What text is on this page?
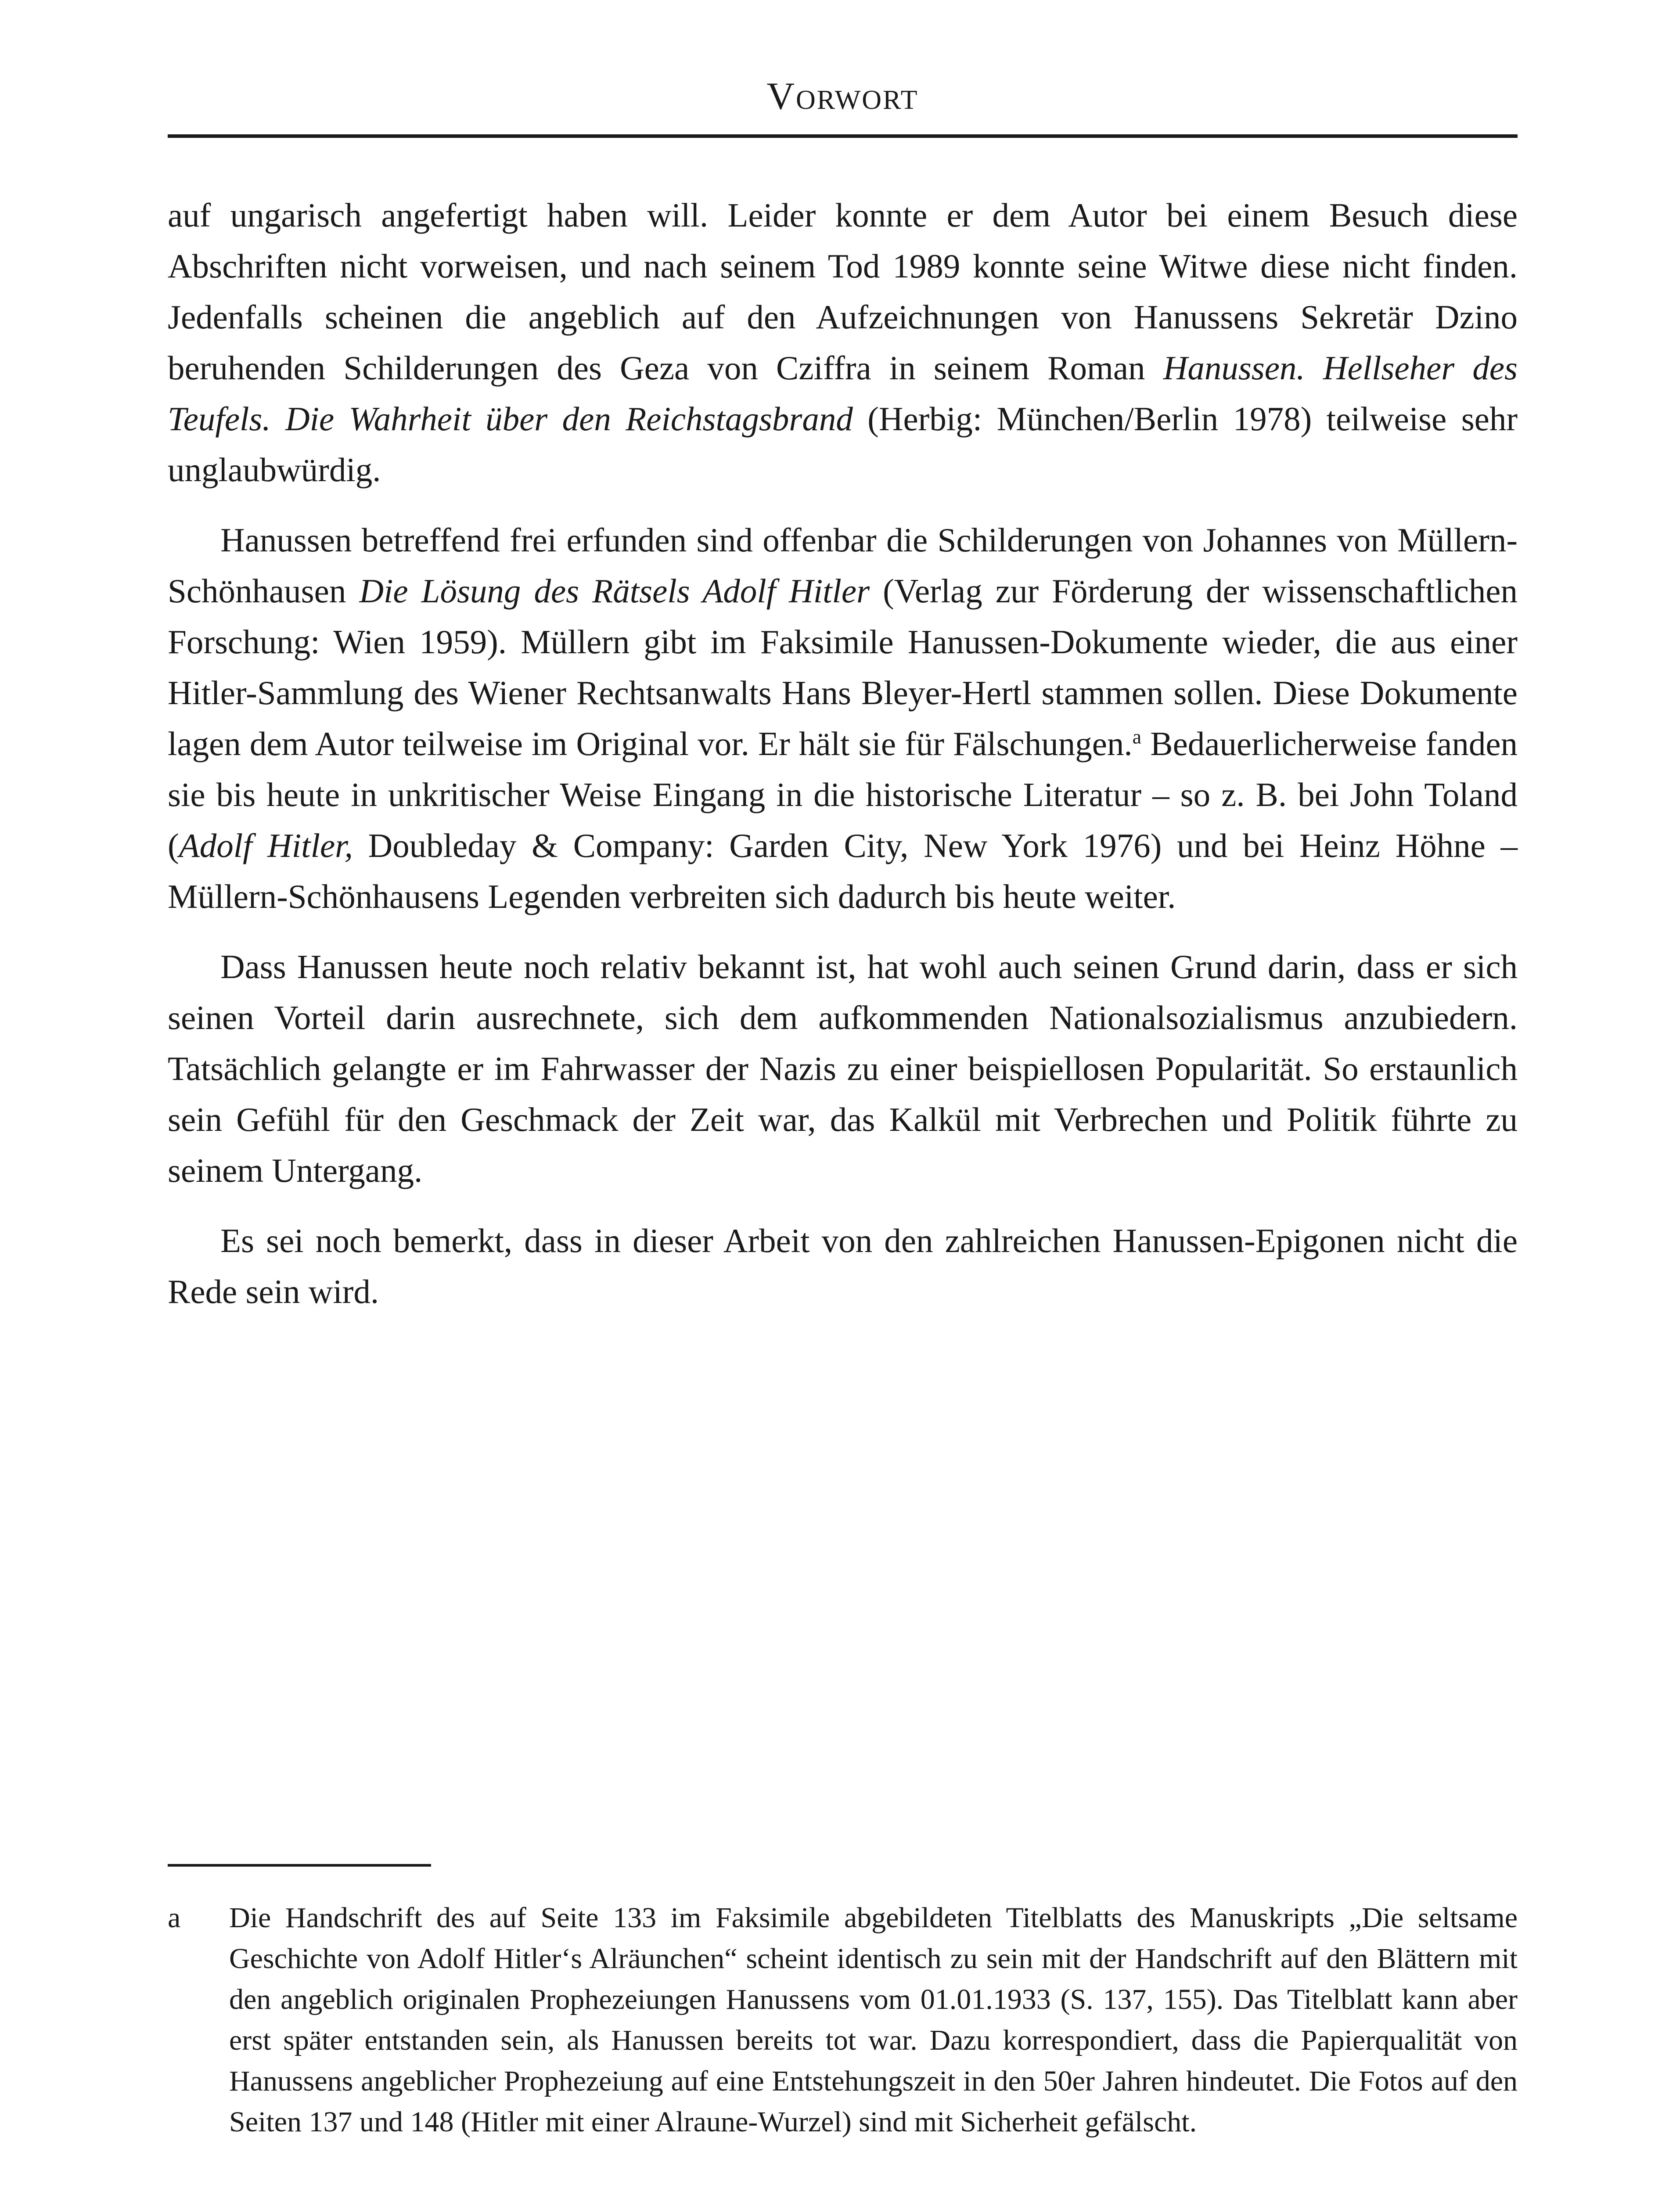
Vorwort

auf ungarisch angefertigt haben will. Leider konnte er dem Autor bei einem Besuch diese Abschriften nicht vorweisen, und nach seinem Tod 1989 konnte seine Witwe diese nicht finden. Jedenfalls scheinen die angeblich auf den Aufzeichnungen von Hanussens Sekretär Dzino beruhenden Schilderungen des Geza von Cziffra in seinem Roman Hanussen. Hellseher des Teufels. Die Wahrheit über den Reichstagsbrand (Herbig: München/Berlin 1978) teilweise sehr unglaubwürdig.

Hanussen betreffend frei erfunden sind offenbar die Schilderungen von Johannes von Müllern-Schönhausen Die Lösung des Rätsels Adolf Hitler (Verlag zur Förderung der wissenschaftlichen Forschung: Wien 1959). Müllern gibt im Faksimile Hanussen-Dokumente wieder, die aus einer Hitler-Sammlung des Wiener Rechtsanwalts Hans Bleyer-Hertl stammen sollen. Diese Dokumente lagen dem Autor teilweise im Original vor. Er hält sie für Fälschungen.$^a$ Bedauerlicherweise fanden sie bis heute in unkritischer Weise Eingang in die historische Literatur – so z. B. bei John Toland (Adolf Hitler, Doubleday & Company: Garden City, New York 1976) und bei Heinz Höhne – Müllern-Schönhausens Legenden verbreiten sich dadurch bis heute weiter.

Dass Hanussen heute noch relativ bekannt ist, hat wohl auch seinen Grund darin, dass er sich seinen Vorteil darin ausrechnete, sich dem aufkommenden Nationalsozialismus anzubiedern. Tatsächlich gelangte er im Fahrwasser der Nazis zu einer beispiellosen Popularität. So erstaunlich sein Gefühl für den Geschmack der Zeit war, das Kalkül mit Verbrechen und Politik führte zu seinem Untergang.

Es sei noch bemerkt, dass in dieser Arbeit von den zahlreichen Hanussen-Epigonen nicht die Rede sein wird.

a	Die Handschrift des auf Seite 133 im Faksimile abgebildeten Titelblatts des Manuskripts „Die seltsame Geschichte von Adolf Hitler‘s Alräunchen“ scheint identisch zu sein mit der Handschrift auf den Blättern mit den angeblich originalen Prophezeiungen Hanussens vom 01.01.1933 (S. 137, 155). Das Titelblatt kann aber erst später entstanden sein, als Hanussen bereits tot war. Dazu korrespondiert, dass die Papierqualität von Hanussens angeblicher Prophezeiung auf eine Entstehungszeit in den 50er Jahren hindeutet. Die Fotos auf den Seiten 137 und 148 (Hitler mit einer Alraune-Wurzel) sind mit Sicherheit gefälscht.
